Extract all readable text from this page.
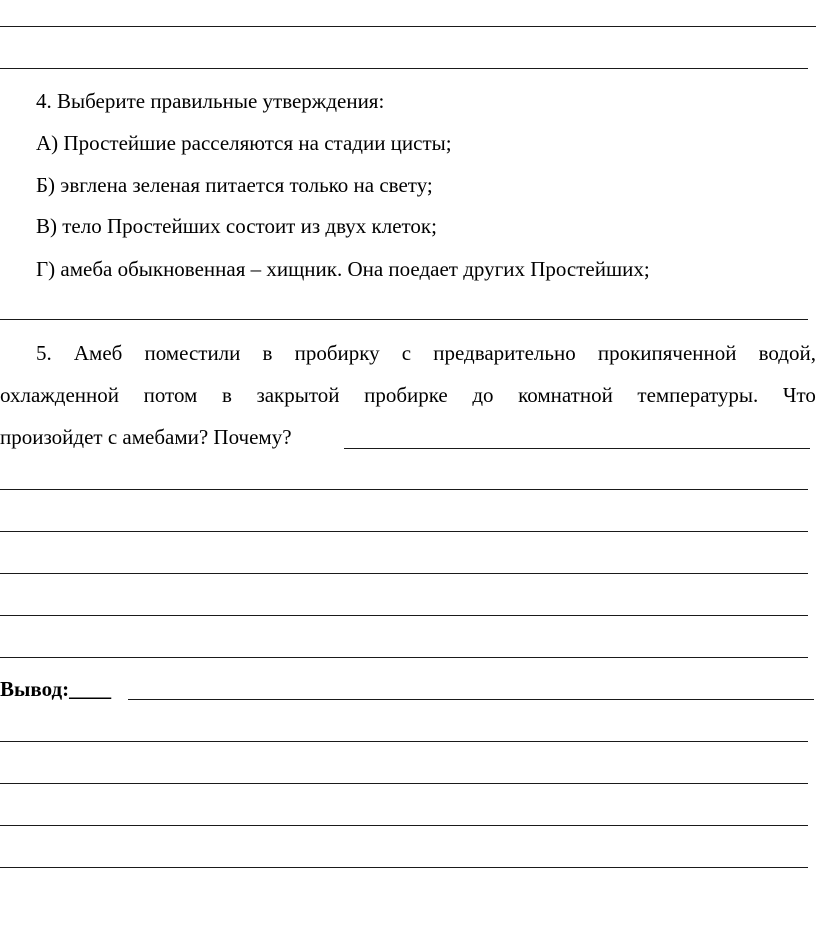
4. Выберите правильные утверждения:
А) Простейшие расселяются на стадии цисты;
Б) эвглена зеленая питается только на свету;
В) тело Простейших состоит из двух клеток;
Г) амеба обыкновенная – хищник. Она поедает других Простейших;
5. Амеб поместили в пробирку с предварительно прокипяченной водой,
охлажденной потом в закрытой пробирке до комнатной температуры. Что
произойдет с амебами? Почему?
Вывод:____
